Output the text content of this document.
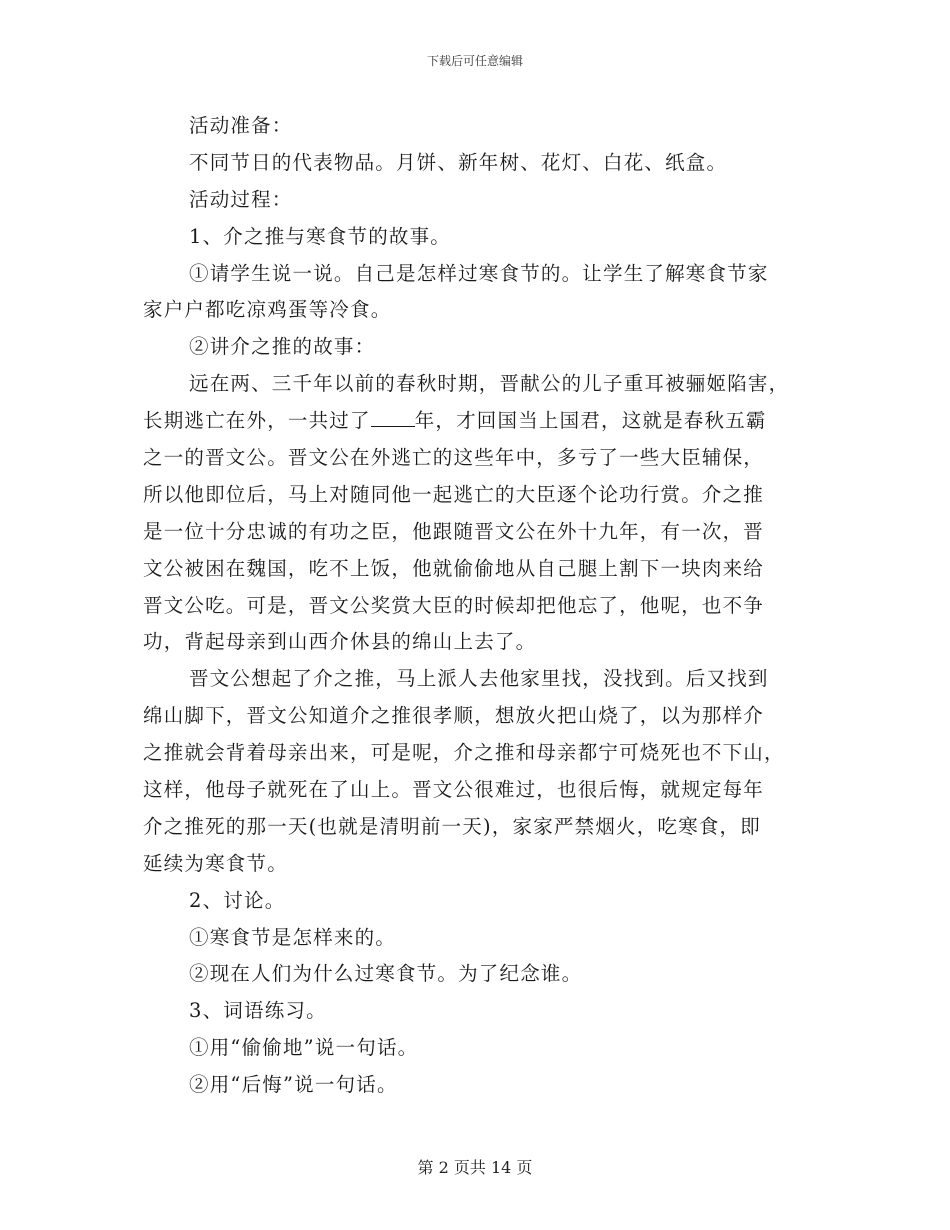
下载后可任意编辑
活动准备：
不同节日的代表物品。月饼、新年树、花灯、白花、纸盒。
活动过程：
1、介之推与寒食节的故事。
①请学生说一说。自己是怎样过寒食节的。让学生了解寒食节家
家户户都吃凉鸡蛋等冷食。
②讲介之推的故事：
远在两、三千年以前的春秋时期，晋献公的儿子重耳被骊姬陷害，
长期逃亡在外，一共过了 年，才回国当上国君，这就是春秋五霸
之一的晋文公。晋文公在外逃亡的这些年中，多亏了一些大臣辅保，
所以他即位后，马上对随同他一起逃亡的大臣逐个论功行赏。介之推
是一位十分忠诚的有功之臣，他跟随晋文公在外十九年，有一次，晋
文公被困在魏国，吃不上饭，他就偷偷地从自己腿上割下一块肉来给
晋文公吃。可是，晋文公奖赏大臣的时候却把他忘了，他呢，也不争
功，背起母亲到山西介休县的绵山上去了。
晋文公想起了介之推，马上派人去他家里找，没找到。后又找到
绵山脚下，晋文公知道介之推很孝顺，想放火把山烧了，以为那样介
之推就会背着母亲出来，可是呢，介之推和母亲都宁可烧死也不下山，
这样，他母子就死在了山上。晋文公很难过，也很后悔，就规定每年
介之推死的那一天(也就是清明前一天)，家家严禁烟火，吃寒食，即
延续为寒食节。
2、讨论。
①寒食节是怎样来的。
②现在人们为什么过寒食节。为了纪念谁。
3、词语练习。
①用“偷偷地”说一句话。
②用“后悔”说一句话。
第 2 页共 14 页
